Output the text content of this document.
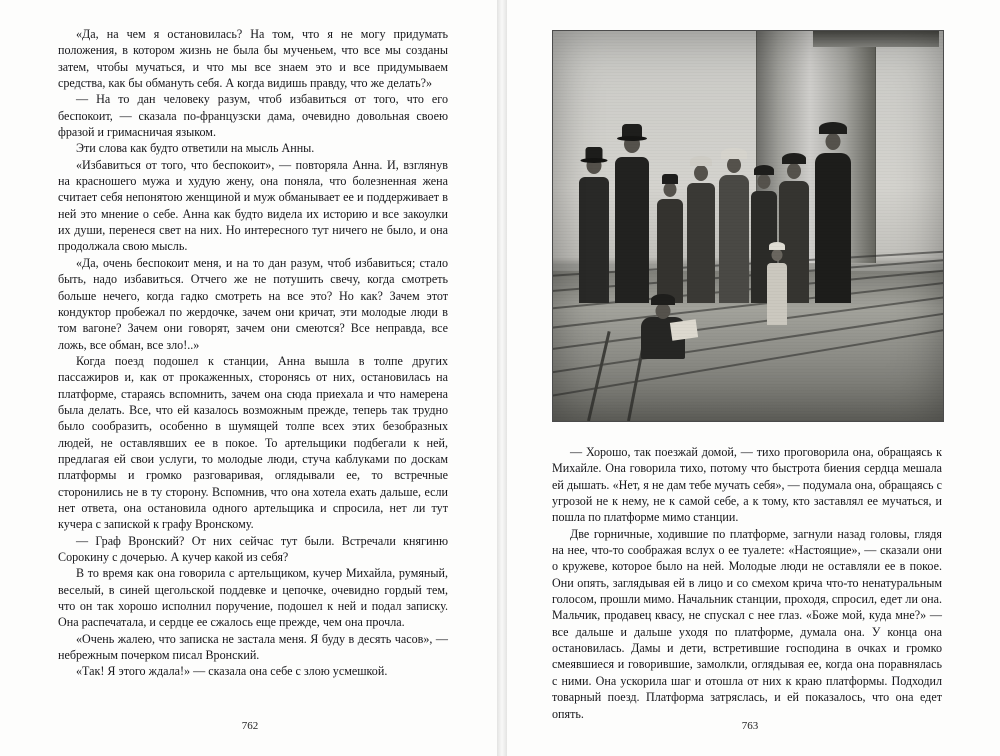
«Да, на чем я остановилась? На том, что я не могу придумать положения, в котором жизнь не была бы мученьем, что все мы созданы затем, чтобы мучаться, и что мы все знаем это и все придумываем средства, как бы обмануть себя. А когда видишь правду, что же делать?»

— На то дан человеку разум, чтоб избавиться от того, что его беспокоит, — сказала по-французски дама, очевидно довольная своею фразой и гримасничая языком.

Эти слова как будто ответили на мысль Анны.

«Избавиться от того, что беспокоит», — повторяла Анна. И, взглянув на красношего мужа и худую жену, она поняла, что болезненная жена считает себя непонятою женщиной и муж обманывает ее и поддерживает в ней это мнение о себе. Анна как будто видела их историю и все закоулки их души, перенеся свет на них. Но интересного тут ничего не было, и она продолжала свою мысль.

«Да, очень беспокоит меня, и на то дан разум, чтоб избавиться; стало быть, надо избавиться. Отчего же не потушить свечу, когда смотреть больше нечего, когда гадко смотреть на все это? Но как? Зачем этот кондуктор пробежал по жердочке, зачем они кричат, эти молодые люди в том вагоне? Зачем они говорят, зачем они смеются? Все неправда, все ложь, все обман, все зло!..»

Когда поезд подошел к станции, Анна вышла в толпе других пассажиров и, как от прокаженных, сторонясь от них, остановилась на платформе, стараясь вспомнить, зачем она сюда приехала и что намерена была делать. Все, что ей казалось возможным прежде, теперь так трудно было сообразить, особенно в шумящей толпе всех этих безобразных людей, не оставлявших ее в покое. То артельщики подбегали к ней, предлагая ей свои услуги, то молодые люди, стуча каблуками по доскам платформы и громко разговаривая, оглядывали ее, то встречные сторонились не в ту сторону. Вспомнив, что она хотела ехать дальше, если нет ответа, она остановила одного артельщика и спросила, нет ли тут кучера с запиской к графу Вронскому.

— Граф Вронский? От них сейчас тут были. Встречали княгиню Сорокину с дочерью. А кучер какой из себя?

В то время как она говорила с артельщиком, кучер Михайла, румяный, веселый, в синей щегольской поддевке и цепочке, очевидно гордый тем, что он так хорошо исполнил поручение, подошел к ней и подал записку. Она распечатала, и сердце ее сжалось еще прежде, чем она прочла.

«Очень жалею, что записка не застала меня. Я буду в десять часов», — небрежным почерком писал Вронский.

«Так! Я этого ждала!» — сказала она себе с злою усмешкой.

762

— Хорошо, так поезжай домой, — тихо проговорила она, обращаясь к Михайле. Она говорила тихо, потому что быстрота биения сердца мешала ей дышать. «Нет, я не дам тебе мучать себя», — подумала она, обращаясь с угрозой не к нему, не к самой себе, а к тому, кто заставлял ее мучаться, и пошла по платформе мимо станции.

Две горничные, ходившие по платформе, загнули назад головы, глядя на нее, что-то соображая вслух о ее туалете: «Настоящие», — сказали они о кружеве, которое было на ней. Молодые люди не оставляли ее в покое. Они опять, заглядывая ей в лицо и со смехом крича что-то ненатуральным голосом, прошли мимо. Начальник станции, проходя, спросил, едет ли она. Мальчик, продавец квасу, не спускал с нее глаз. «Боже мой, куда мне?» — все дальше и дальше уходя по платформе, думала она. У конца она остановилась. Дамы и дети, встретившие господина в очках и громко смеявшиеся и говорившие, замолкли, оглядывая ее, когда она поравнялась с ними. Она ускорила шаг и отошла от них к краю платформы. Подходил товарный поезд. Платформа затряслась, и ей показалось, что она едет опять.

763
